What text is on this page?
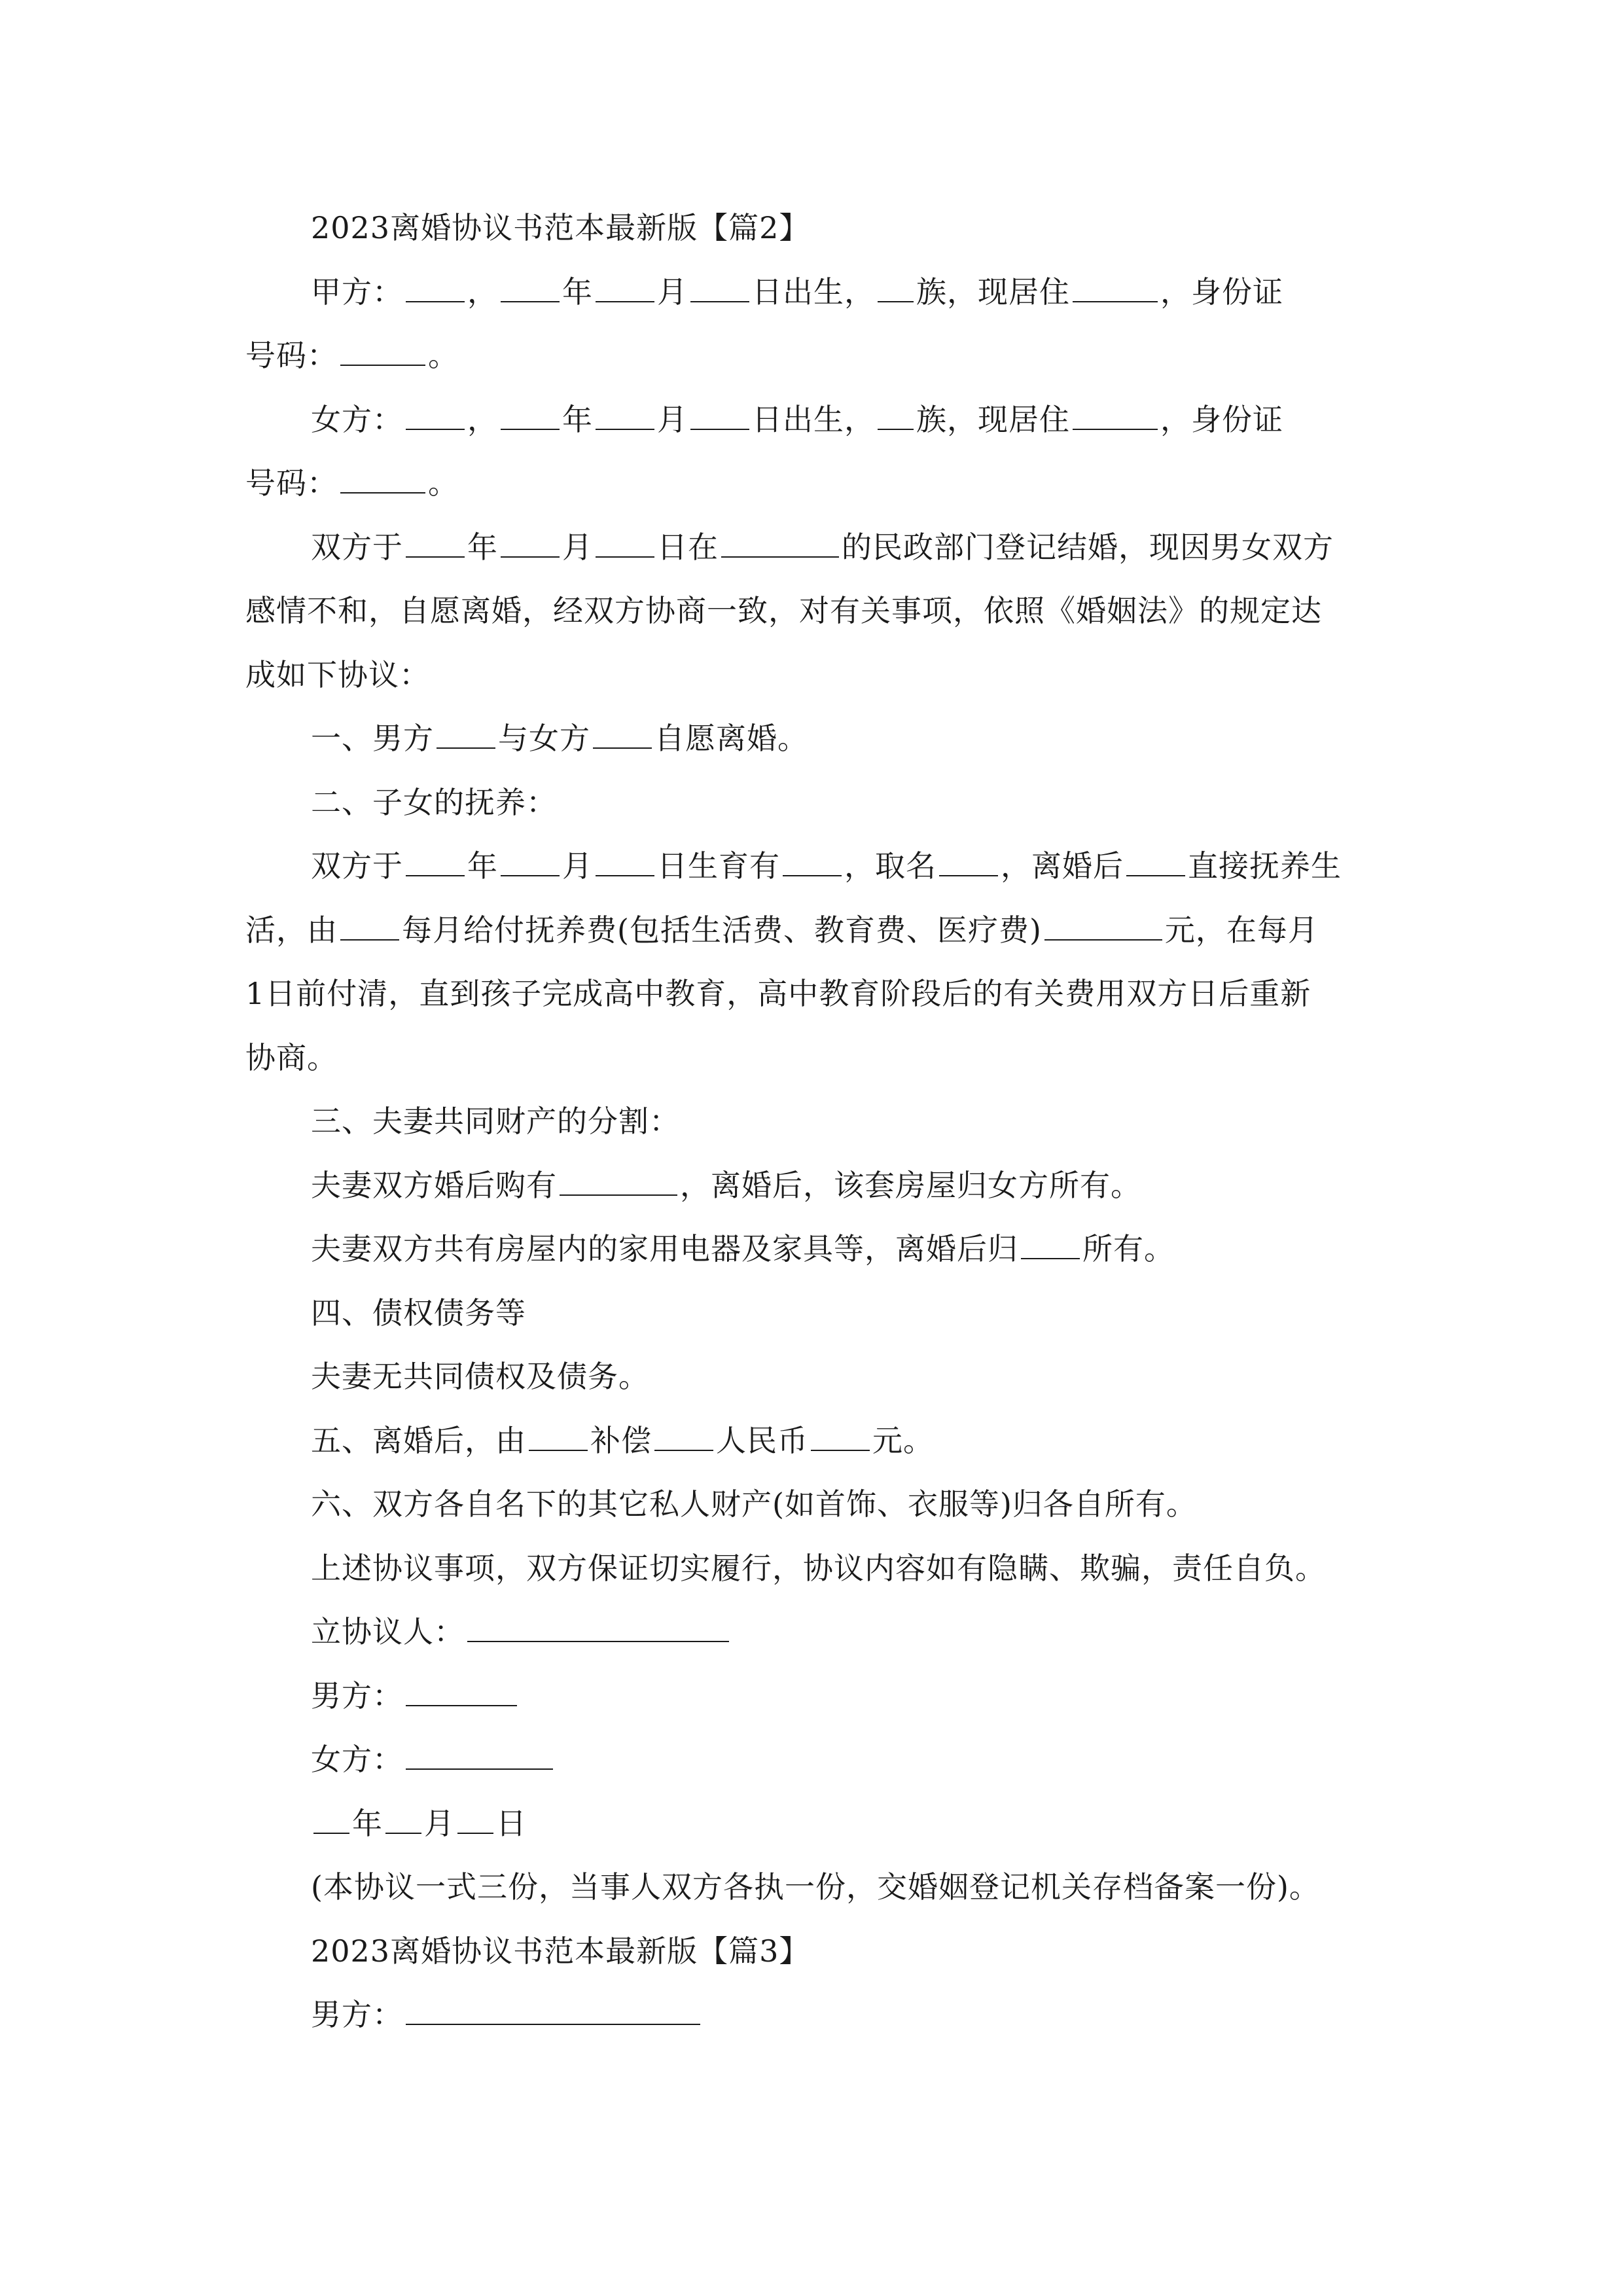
2023离婚协议书范本最新版【篇2】
甲方： ， 年 月 日出生， 族，现居住	，身份证
号码：	。
女方： ， 年 月 日出生， 族，现居住	，身份证
号码：	。
双方于 年 月 日在	的民政部门登记结婚，现因男女双方
感情不和，自愿离婚，经双方协商一致，对有关事项，依照《婚姻法》的规定达
成如下协议：
一、男方 与女方 自愿离婚。
二、子女的抚养：
双方于 年 月 日生育有 ，取名 ，离婚后 直接抚养生
活，由 每月给付抚养费(包括生活费、教育费、医疗费)	元，在每月
1日前付清，直到孩子完成高中教育，高中教育阶段后的有关费用双方日后重新
协商。
三、夫妻共同财产的分割：
夫妻双方婚后购有	，离婚后，该套房屋归女方所有。
夫妻双方共有房屋内的家用电器及家具等，离婚后归 所有。
四、债权债务等
夫妻无共同债权及债务。
五、离婚后，由 补偿 人民币 元。
六、双方各自名下的其它私人财产(如首饰、衣服等)归各自所有。
上述协议事项，双方保证切实履行，协议内容如有隐瞒、欺骗，责任自负。
立协议人：
男方：
女方：
年 月 日
(本协议一式三份，当事人双方各执一份，交婚姻登记机关存档备案一份)。
2023离婚协议书范本最新版【篇3】
男方：
